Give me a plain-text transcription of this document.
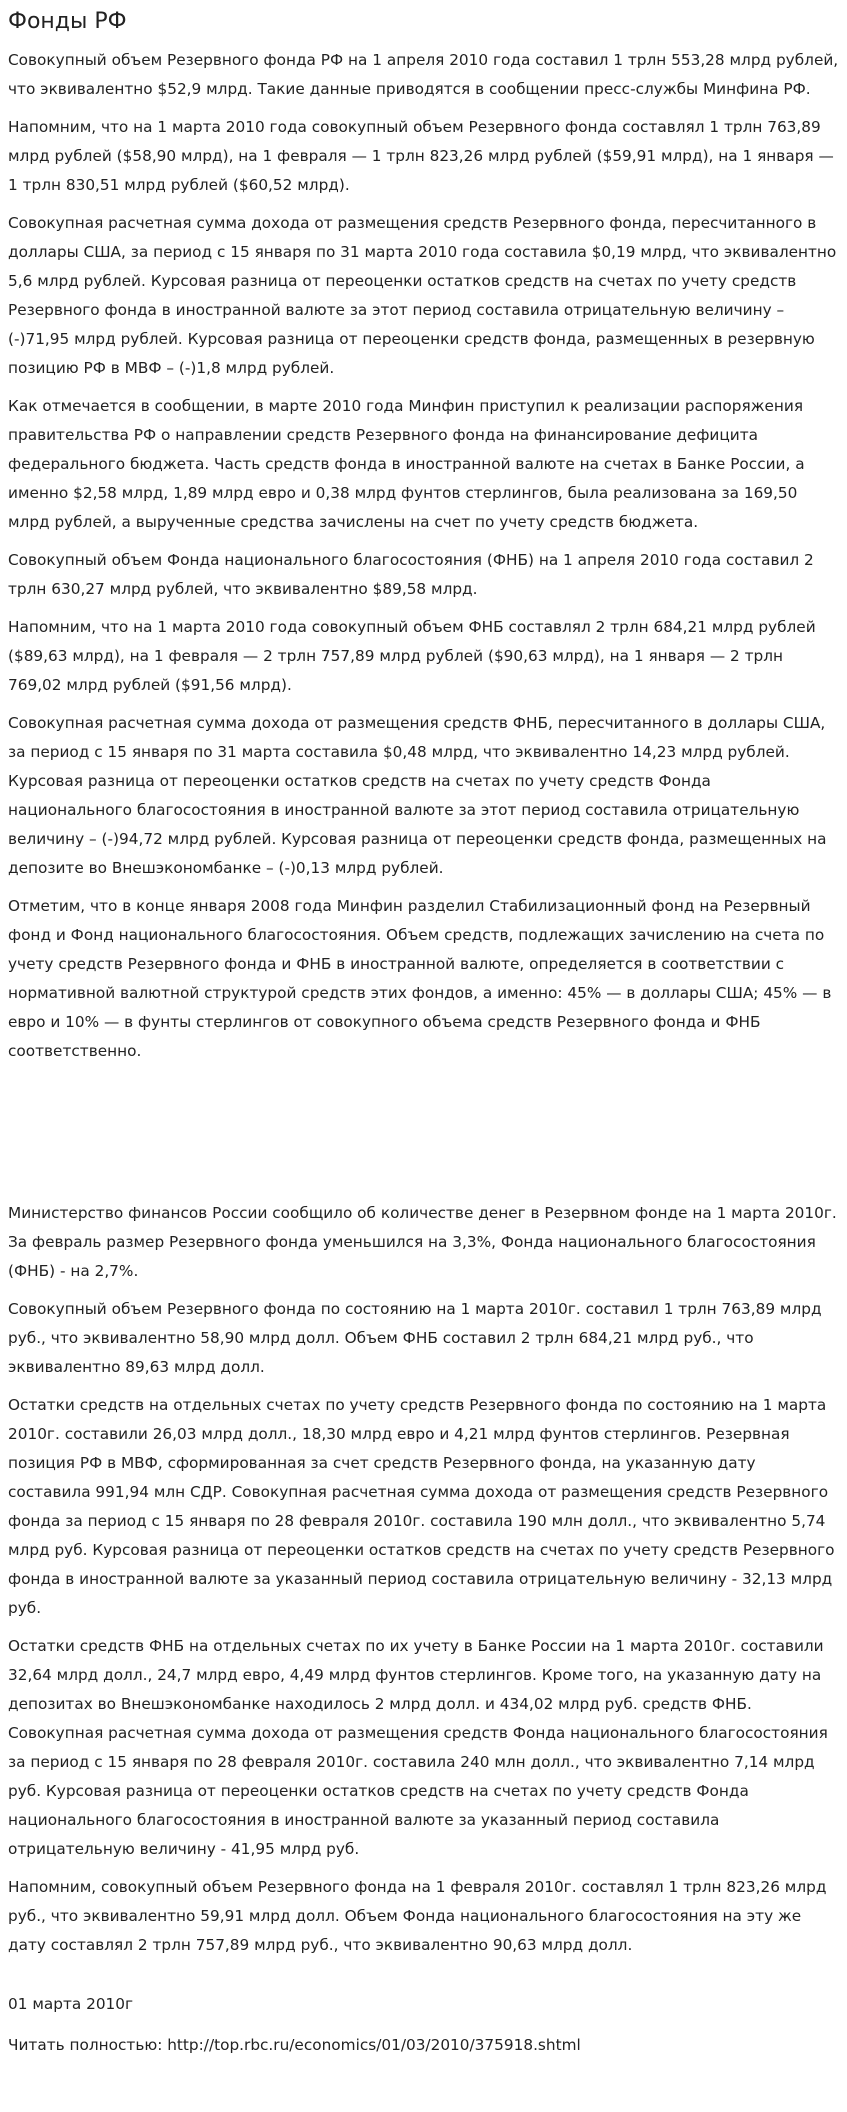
Фонды РФ

Совокупный объем Резервного фонда РФ на 1 апреля 2010 года составил 1 трлн 553,28 млрд рублей, что эквивалентно $52,9 млрд. Такие данные приводятся в сообщении пресс-службы Минфина РФ.

Напомним, что на 1 марта 2010 года совокупный объем Резервного фонда составлял 1 трлн 763,89 млрд рублей ($58,90 млрд), на 1 февраля — 1 трлн 823,26 млрд рублей ($59,91 млрд), на 1 января — 1 трлн 830,51 млрд рублей ($60,52 млрд).

Совокупная расчетная сумма дохода от размещения средств Резервного фонда, пересчитанного в доллары США, за период с 15 января по 31 марта 2010 года составила $0,19 млрд, что эквивалентно 5,6 млрд рублей. Курсовая разница от переоценки остатков средств на счетах по учету средств Резервного фонда в иностранной валюте за этот период составила отрицательную величину – (-)71,95 млрд рублей. Курсовая разница от переоценки средств фонда, размещенных в резервную позицию РФ в МВФ – (-)1,8 млрд рублей.

Как отмечается в сообщении, в марте 2010 года Минфин приступил к реализации распоряжения правительства РФ о направлении средств Резервного фонда на финансирование дефицита федерального бюджета. Часть средств фонда в иностранной валюте на счетах в Банке России, а именно $2,58 млрд, 1,89 млрд евро и 0,38 млрд фунтов стерлингов, была реализована за 169,50 млрд рублей, а вырученные средства зачислены на счет по учету средств бюджета.

Совокупный объем Фонда национального благосостояния (ФНБ) на 1 апреля 2010 года составил 2 трлн 630,27 млрд рублей, что эквивалентно $89,58 млрд.

Напомним, что на 1 марта 2010 года совокупный объем ФНБ составлял 2 трлн 684,21 млрд рублей ($89,63 млрд), на 1 февраля — 2 трлн 757,89 млрд рублей ($90,63 млрд), на 1 января — 2 трлн 769,02 млрд рублей ($91,56 млрд).

Совокупная расчетная сумма дохода от размещения средств ФНБ, пересчитанного в доллары США, за период с 15 января по 31 марта составила $0,48 млрд, что эквивалентно 14,23 млрд рублей. Курсовая разница от переоценки остатков средств на счетах по учету средств Фонда национального благосостояния в иностранной валюте за этот период составила отрицательную величину – (-)94,72 млрд рублей. Курсовая разница от переоценки средств фонда, размещенных на депозите во Внешэкономбанке – (-)0,13 млрд рублей.

Отметим, что в конце января 2008 года Минфин разделил Стабилизационный фонд на Резервный фонд и Фонд национального благосостояния. Объем средств, подлежащих зачислению на счета по учету средств Резервного фонда и ФНБ в иностранной валюте, определяется в соответствии с нормативной валютной структурой средств этих фондов, а именно: 45% — в доллары США; 45% — в евро и 10% — в фунты стерлингов от совокупного объема средств Резервного фонда и ФНБ соответственно.

Министерство финансов России сообщило об количестве денег в Резервном фонде на 1 марта 2010г. За февраль размер Резервного фонда уменьшился на 3,3%, Фонда национального благосостояния (ФНБ) - на 2,7%.

Совокупный объем Резервного фонда по состоянию на 1 марта 2010г. составил 1 трлн 763,89 млрд руб., что эквивалентно 58,90 млрд долл. Объем ФНБ составил 2 трлн 684,21 млрд руб., что эквивалентно 89,63 млрд долл.

Остатки средств на отдельных счетах по учету средств Резервного фонда по состоянию на 1 марта 2010г. составили 26,03 млрд долл., 18,30 млрд евро и 4,21 млрд фунтов стерлингов. Резервная позиция РФ в МВФ, сформированная за счет средств Резервного фонда, на указанную дату составила 991,94 млн СДР. Совокупная расчетная сумма дохода от размещения средств Резервного фонда за период с 15 января по 28 февраля 2010г. составила 190 млн долл., что эквивалентно 5,74 млрд руб. Курсовая разница от переоценки остатков средств на счетах по учету средств Резервного фонда в иностранной валюте за указанный период составила отрицательную величину - 32,13 млрд руб.

Остатки средств ФНБ на отдельных счетах по их учету в Банке России на 1 марта 2010г. составили 32,64 млрд долл., 24,7 млрд евро, 4,49 млрд фунтов стерлингов. Кроме того, на указанную дату на депозитах во Внешэкономбанке находилось 2 млрд долл. и 434,02 млрд руб. средств ФНБ. Совокупная расчетная сумма дохода от размещения средств Фонда национального благосостояния за период с 15 января по 28 февраля 2010г. составила 240 млн долл., что эквивалентно 7,14 млрд руб. Курсовая разница от переоценки остатков средств на счетах по учету средств Фонда национального благосостояния в иностранной валюте за указанный период составила отрицательную величину - 41,95 млрд руб.

Напомним, совокупный объем Резервного фонда на 1 февраля 2010г. составлял 1 трлн 823,26 млрд руб., что эквивалентно 59,91 млрд долл. Объем Фонда национального благосостояния на эту же дату составлял 2 трлн 757,89 млрд руб., что эквивалентно 90,63 млрд долл.

01 марта 2010г

Читать полностью: http://top.rbc.ru/economics/01/03/2010/375918.shtml
